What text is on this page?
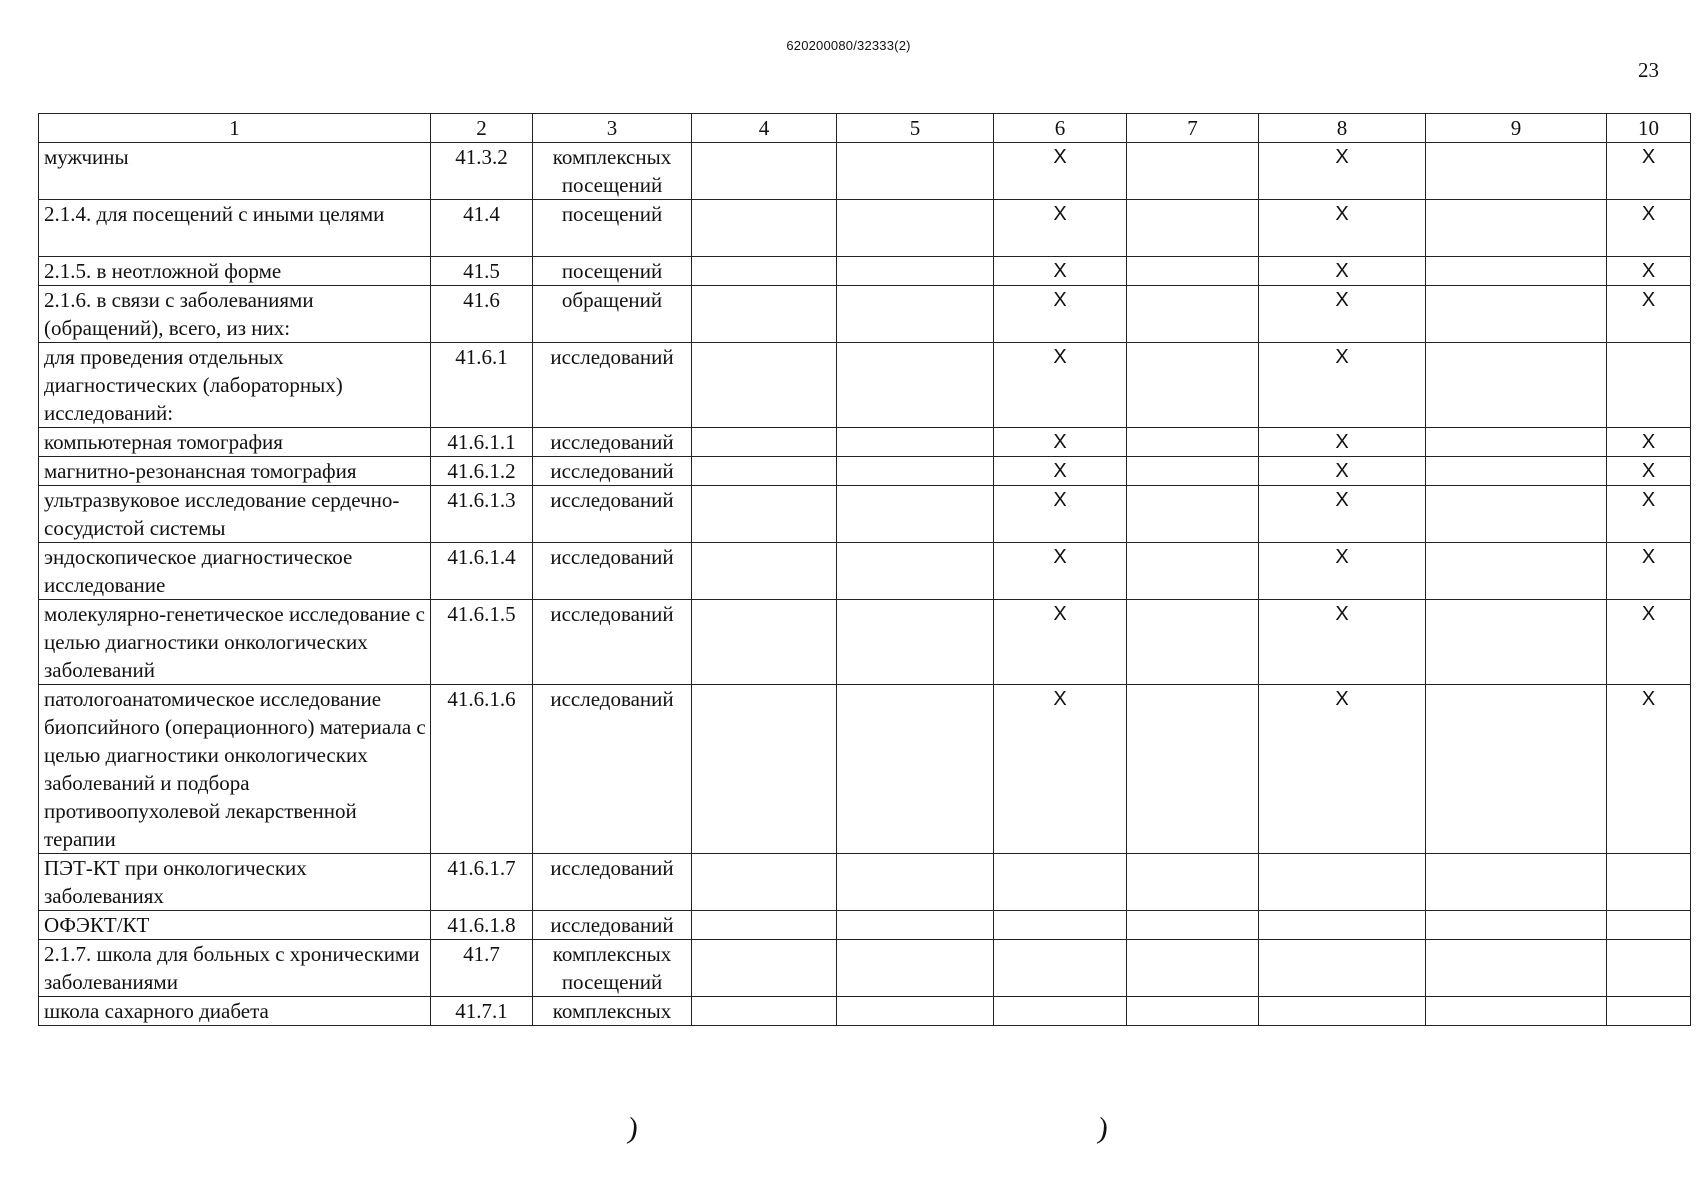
620200080/32333(2)
23
1	2	3	4	5	6	7	8	9	10
мужчины	41.3.2	комплексных посещений			X		X		X
2.1.4. для посещений с иными целями	41.4	посещений			X		X		X
2.1.5. в неотложной форме	41.5	посещений			X		X		X
2.1.6. в связи с заболеваниями (обращений), всего, из них:	41.6	обращений			X		X		X
для проведения отдельных диагностических (лабораторных) исследований:	41.6.1	исследований			X		X		
компьютерная томография	41.6.1.1	исследований			X		X		X
магнитно-резонансная томография	41.6.1.2	исследований			X		X		X
ультразвуковое исследование сердечно-сосудистой системы	41.6.1.3	исследований			X		X		X
эндоскопическое диагностическое исследование	41.6.1.4	исследований			X		X		X
молекулярно-генетическое исследование с целью диагностики онкологических заболеваний	41.6.1.5	исследований			X		X		X
патологоанатомическое исследование биопсийного (операционного) материала с целью диагностики онкологических заболеваний и подбора противоопухолевой лекарственной терапии	41.6.1.6	исследований			X		X		X
ПЭТ-КТ при онкологических заболеваниях	41.6.1.7	исследований							
ОФЭКТ/КТ	41.6.1.8	исследований							
2.1.7. школа для больных с хроническими заболеваниями	41.7	комплексных посещений							
школа сахарного диабета	41.7.1	комплексных							
)	)
